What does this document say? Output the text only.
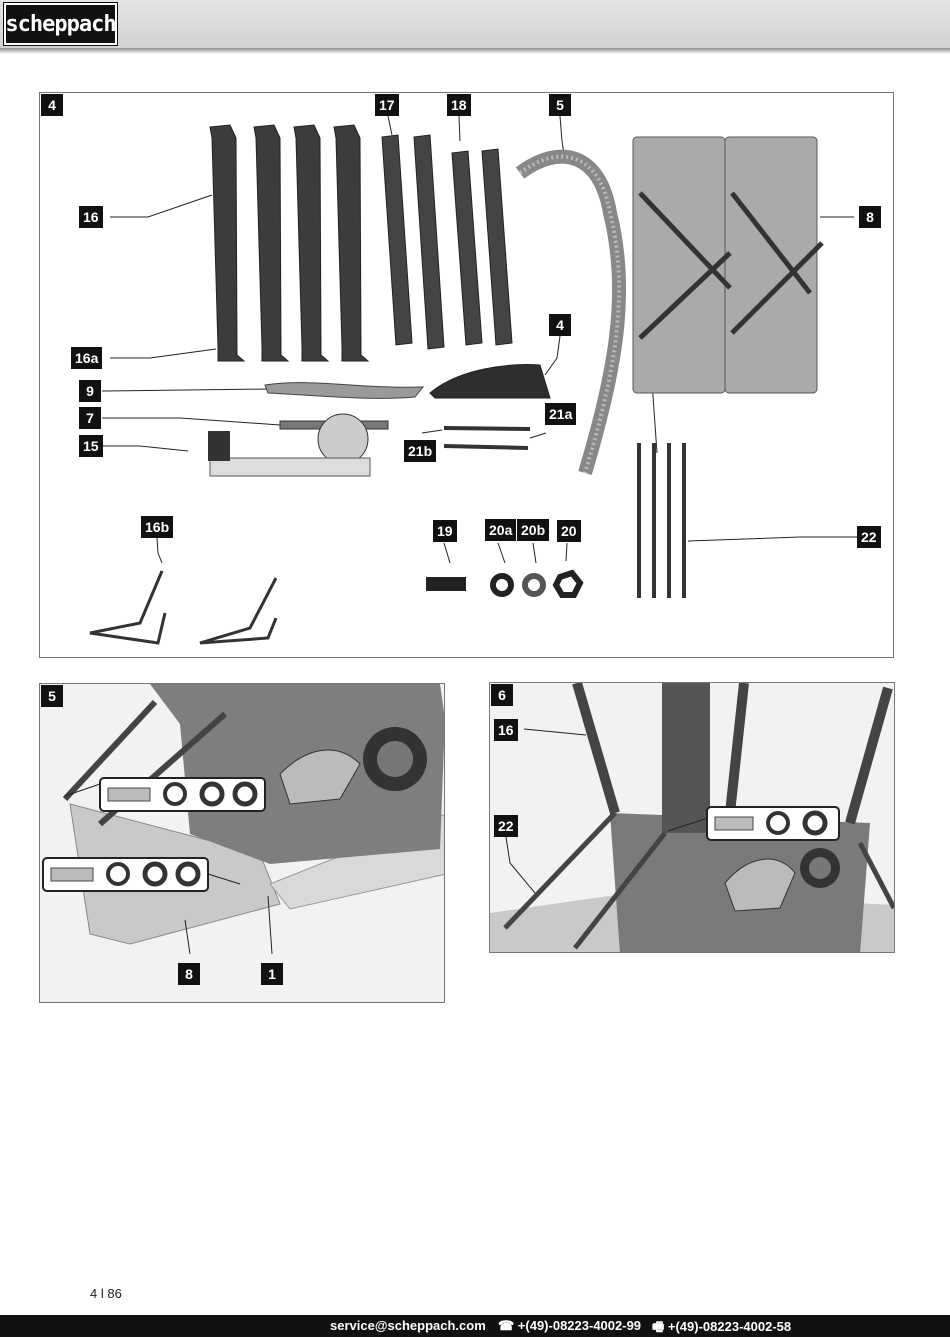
scheppach
4
16
16a
9
7
15
17	18	5
8
4
21a
21b
16b	19	20a 20b 20	22
5
8	1
6
16
22
4 l 86
service@scheppach.com ☎ +(49)-08223-4002-99 🖷 +(49)-08223-4002-58
